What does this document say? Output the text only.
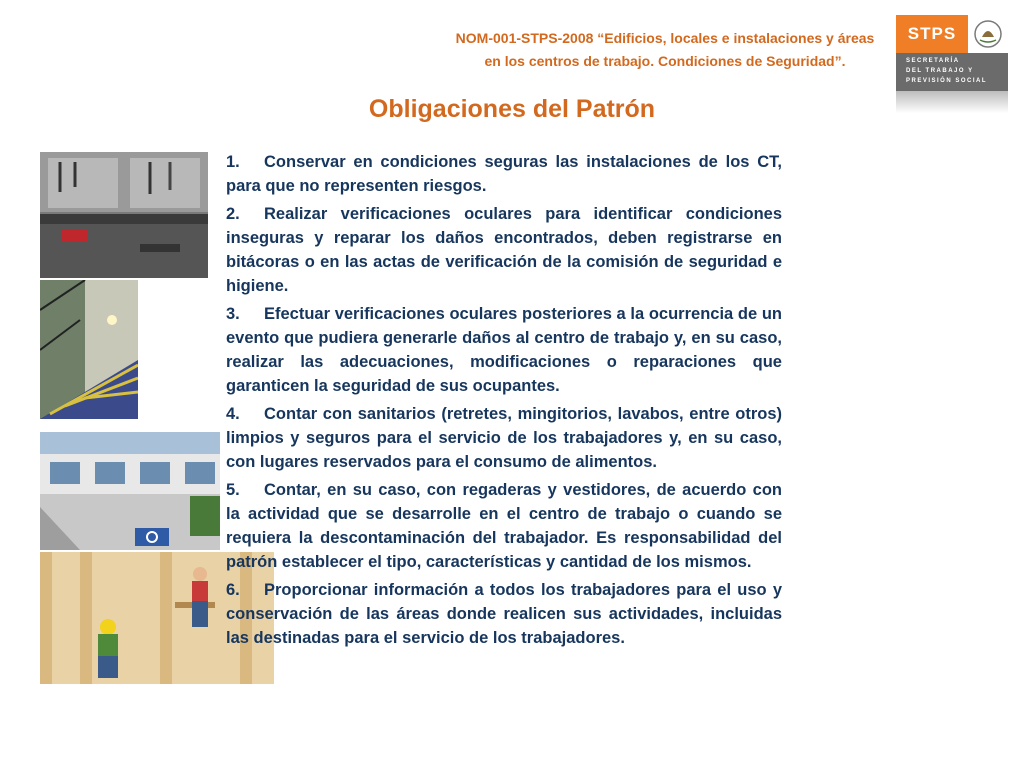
NOM-001-STPS-2008 “Edificios, locales e instalaciones y áreas
en los centros de trabajo. Condiciones de Seguridad”.
STPS
SECRETARÍA
DEL TRABAJO Y
PREVISIÓN SOCIAL
Obligaciones del Patrón

1. Conservar en condiciones seguras las instalaciones de los CT, para que no representen riesgos.

2. Realizar verificaciones oculares para identificar condiciones inseguras y reparar los daños encontrados, deben registrarse en bitácoras o en las actas de verificación de la comisión de seguridad e higiene.

3. Efectuar verificaciones oculares posteriores a la ocurrencia de un evento que pudiera generarle daños al centro de trabajo y, en su caso, realizar las adecuaciones, modificaciones o reparaciones que garanticen la seguridad de sus ocupantes.

4. Contar con sanitarios (retretes, mingitorios, lavabos, entre otros) limpios y seguros para el servicio de los trabajadores y, en su caso, con lugares reservados para el consumo de alimentos.

5. Contar, en su caso, con regaderas y vestidores, de acuerdo con la actividad que se desarrolle en el centro de trabajo o cuando se requiera la descontaminación del trabajador. Es responsabilidad del patrón establecer el tipo, características y cantidad de los mismos.

6. Proporcionar información a todos los trabajadores para el uso y conservación de las áreas donde realicen sus actividades, incluidas las destinadas para el servicio de los trabajadores.
